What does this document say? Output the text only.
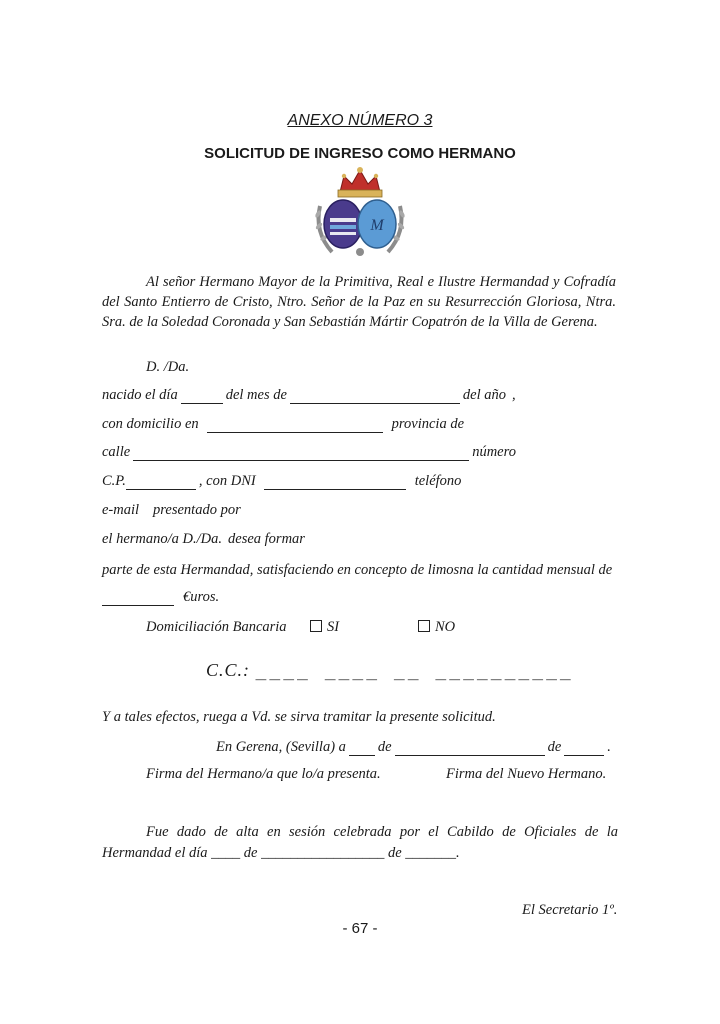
ANEXO NÚMERO 3
SOLICITUD DE INGRESO COMO HERMANO
M
Al señor Hermano Mayor de la Primitiva, Real e Ilustre Hermandad y Cofradía del Santo Entierro de Cristo, Ntro. Señor de la Paz en su Resurrección Gloriosa, Ntra. Sra. de la Soledad Coronada y San Sebastián Mártir Copatrón de la Villa de Gerena.
D. /Da.
nacido el día	del mes de	del año ,
con domicilio en	provincia de
calle	número
C.P.	, con DNI	teléfono
e-mail presentado por
el hermano/a D./Da. desea formar
parte de esta Hermandad, satisfaciendo en concepto de limosna la cantidad mensual de
€uros.
Domiciliación Bancaria	SI	NO
C.C.: ____ ____ __ __________
Y a tales efectos, ruega a Vd. se sirva tramitar la presente solicitud.
En Gerena, (Sevilla) a de	de	.
Firma del Hermano/a que lo/a presenta.	Firma del Nuevo Hermano.
Fue dado de alta en sesión celebrada por el Cabildo de Oficiales de la Hermandad el día ____ de _________________ de _______.
El Secretario 1º.
- 67 -
